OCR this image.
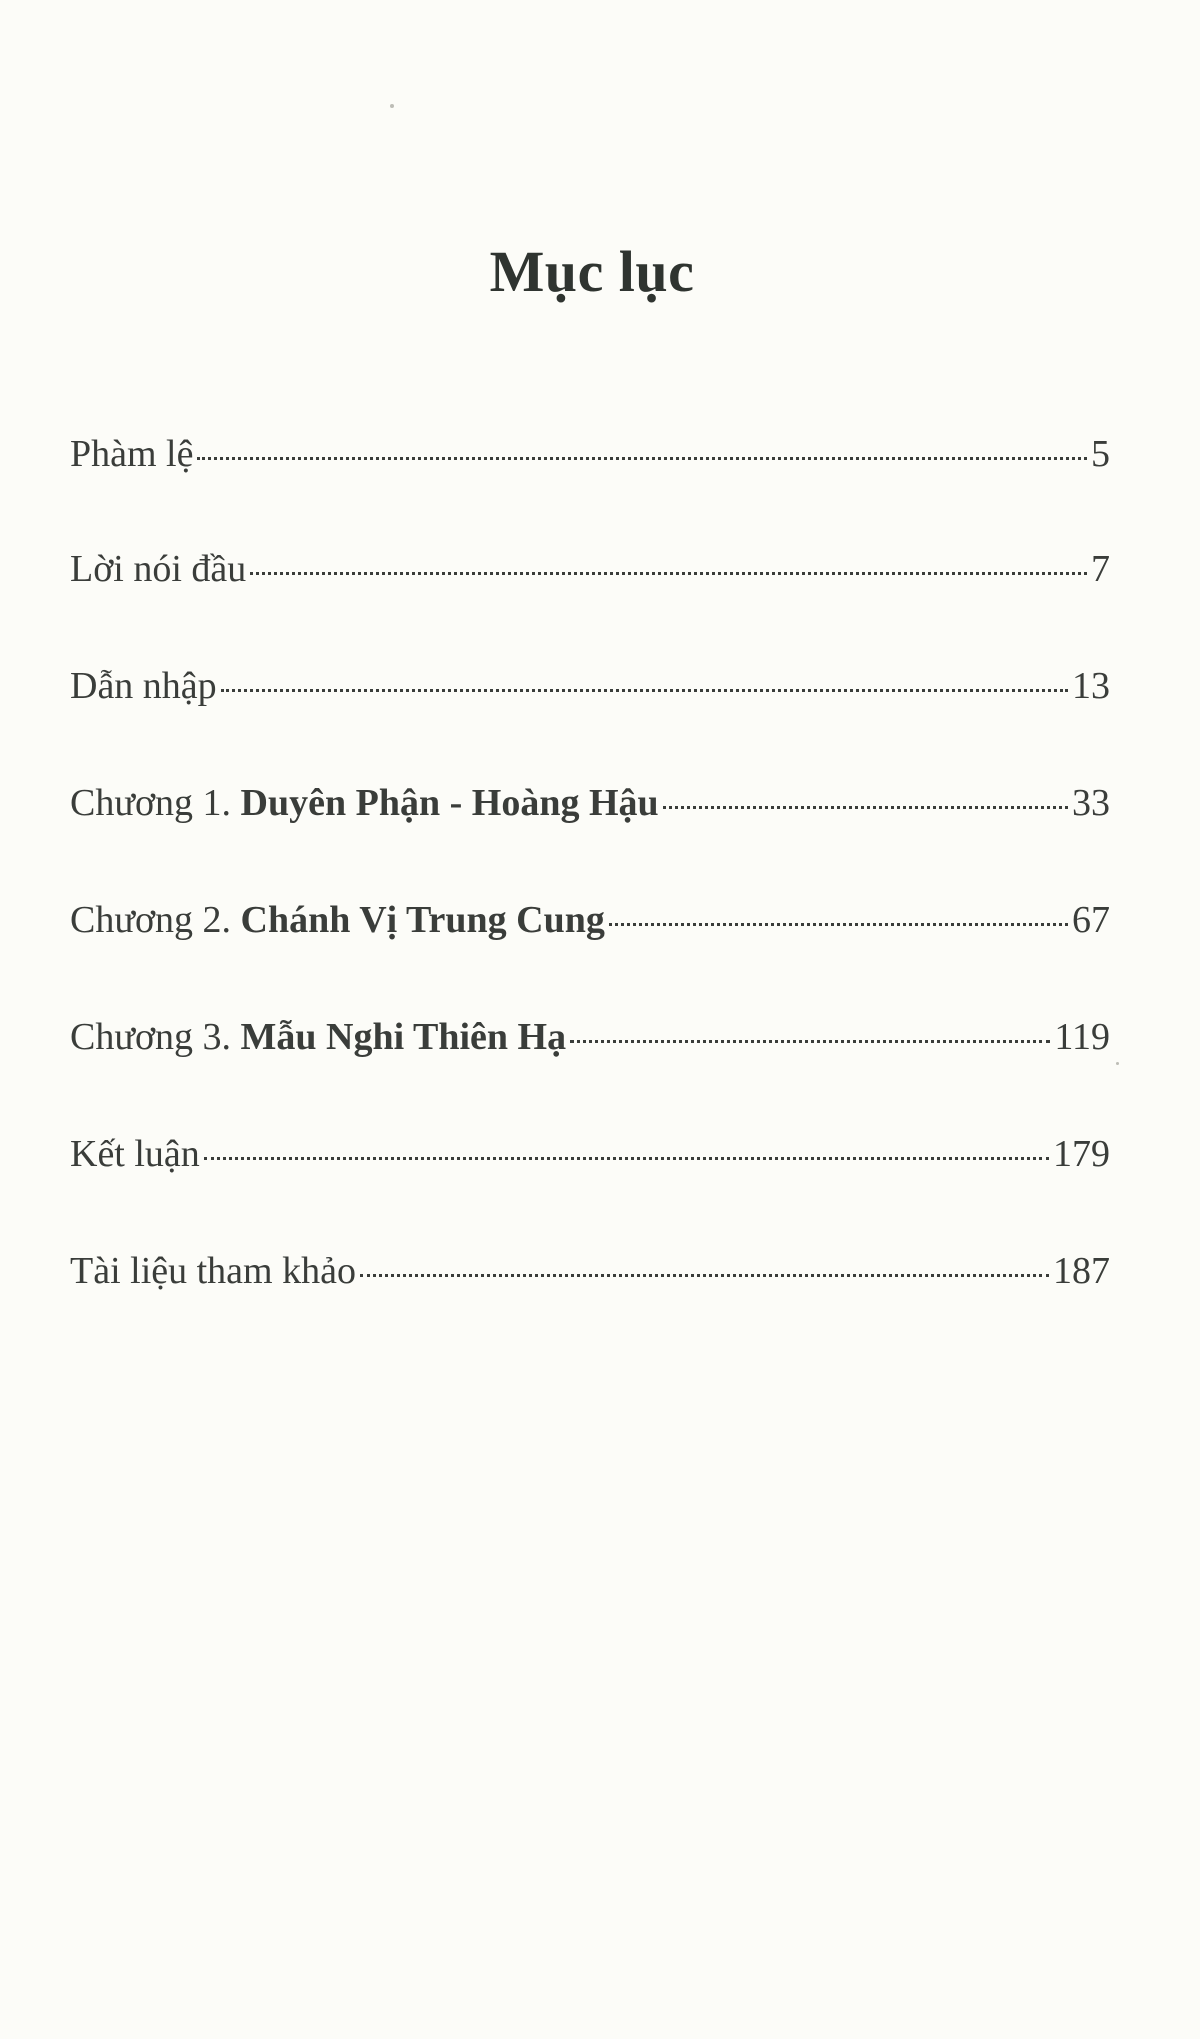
Mục lục
Phàm lệ	5
Lời nói đầu	7
Dẫn nhập	13
Chương 1. Duyên Phận - Hoàng Hậu	33
Chương 2. Chánh Vị Trung Cung	67
Chương 3. Mẫu Nghi Thiên Hạ	119
Kết luận	179
Tài liệu tham khảo	187
